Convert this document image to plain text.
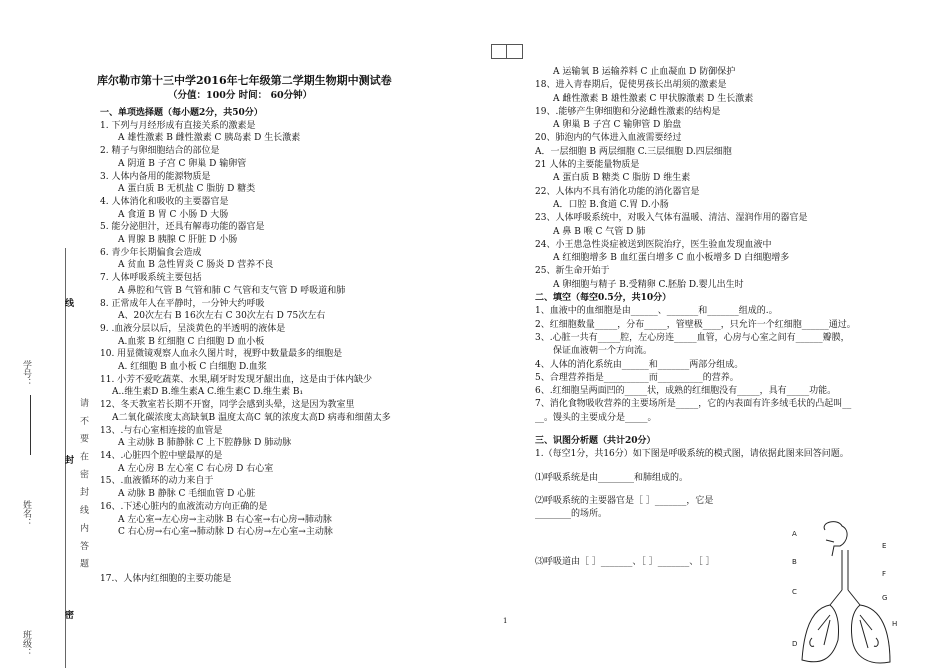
库尔勒市第十三中学2016年七年级第二学期生物期中测试卷
（分值：100分 时间： 60分钟）
学号：
姓名：
班级：
线
封
密
请 不 要 在 密 封 线 内 答 题
一、单项选择题（每小题2分，共50分）
1. 下列与月经形成有直接关系的激素是
A 雄性激素 B 雌性激素 C 胰岛素 D 生长激素
2. 精子与卵细胞结合的部位是
A 阴道 B 子宫 C 卵巢 D 输卵管
3. 人体内备用的能源物质是
A 蛋白质 B 无机盐 C 脂肪 D 糖类
4. 人体消化和吸收的主要器官是
A 食道 B 胃 C 小肠 D 大肠
5. 能分泌胆汁，还具有解毒功能的器官是
A 胃腺 B 胰腺 C 肝脏 D 小肠
6. 青少年长期偏食会造成
A 贫血 B 急性胃炎 C 肠炎 D 营养不良
7. 人体呼吸系统主要包括
A 鼻腔和气管 B 气管和肺 C 气管和支气管 D 呼吸道和肺
8. 正常成年人在平静时，一分钟大约呼吸
A、20次左右 B 16次左右 C 30次左右 D 75次左右
9. .血液分层以后，呈淡黄色的半透明的液体是
A.血浆 B 红细胞 C 白细胞 D 血小板
10. 用显微镜观察人血永久图片时，视野中数量最多的细胞是
A. 红细胞 B 血小板 C 白细胞 D.血浆
11. 小芳不爱吃蔬菜、水果,刷牙时发现牙龈出血，这是由于体内缺少
A..维生素D B.维生素A C.维生素C D.维生素 B₁
12、冬天教室若长期不开窗，同学会感到头晕，这是因为教室里
A二氧化碳浓度太高缺氧B 温度太高C 氧的浓度太高D 病毒和细菌太多
13、.与右心室相连接的血管是
A 主动脉 B 肺静脉 C 上下腔静脉 D 肺动脉
14、.心脏四个腔中壁最厚的是
A 左心房 B 左心室 C 右心房 D 右心室
15、.血液循环的动力来自于
A 动脉 B 静脉 C 毛细血管 D 心脏
16、.下述心脏内的血液流动方向正确的是
A 左心室→左心房→主动脉 B 右心室→右心房→肺动脉
C 右心房→右心室→肺动脉 D 右心房→左心室→主动脉
17.、人体内红细胞的主要功能是
A 运输氧 B 运输养料 C 止血凝血 D 防御保护
18、进入青春期后，促使男孩长出胡须的激素是
A 雌性激素 B 雄性激素 C 甲状腺激素 D 生长激素
19、.能够产生卵细胞和分泌雌性激素的结构是
A 卵巢 B 子宫 C 输卵管 D 胎盘
20、肺泡内的气体进入血液需要经过
A．一层细胞 B 两层细胞 C.三层细胞 D.四层细胞
21 人体的主要能量物质是
A 蛋白质 B 糖类 C 脂肪 D 维生素
22、人体内不具有消化功能的消化器官是
A．口腔 B.食道 C.胃 D.小肠
23、人体呼吸系统中，对吸入气体有温暖、清洁、湿润作用的器官是
A 鼻 B 喉 C 气管 D 肺
24、小王患急性炎症被送到医院治疗，医生验血发现血液中
A 红细胞增多 B 血红蛋白增多 C 血小板增多 D 白细胞增多
25、新生命开始于
A 卵细胞与精子 B.受精卵 C.胚胎 D.婴儿出生时
二、填空（每空0.5分，共10分）
1、血液中的血细胞是由______、_______和_______组成的.。
2、红细胞数量_____，分布_____，管壁极____，只允许一个红细胞______通过。
3、.心脏一共有_____腔，左心房连_____血管，心房与心室之间有______瓣膜，
保证血液朝一个方向流。
4、人体的消化系统由______和_______两部分组成。
5、合理营养指是__________而__________的营养。
6、.红细胞呈两面凹的_____状，成熟的红细胞没有_____，具有_____功能。
7、消化食物吸收营养的主要场所是_____，它的内表面有许多绒毛状的凸起叫__
__。馒头的主要成分是_____。
三、识图分析题（共计20分）
1.（每空1分，共16分）如下图是呼吸系统的模式图，请依据此图来回答问题。
⑴呼吸系统是由________和肺组成的。
⑵呼吸系统的主要器官是［ ］_______，它是
________的场所。
⑶呼吸道由［ ］_______、［ ］_______、［ ］
1
A
B
C
D
E
F
G
H
